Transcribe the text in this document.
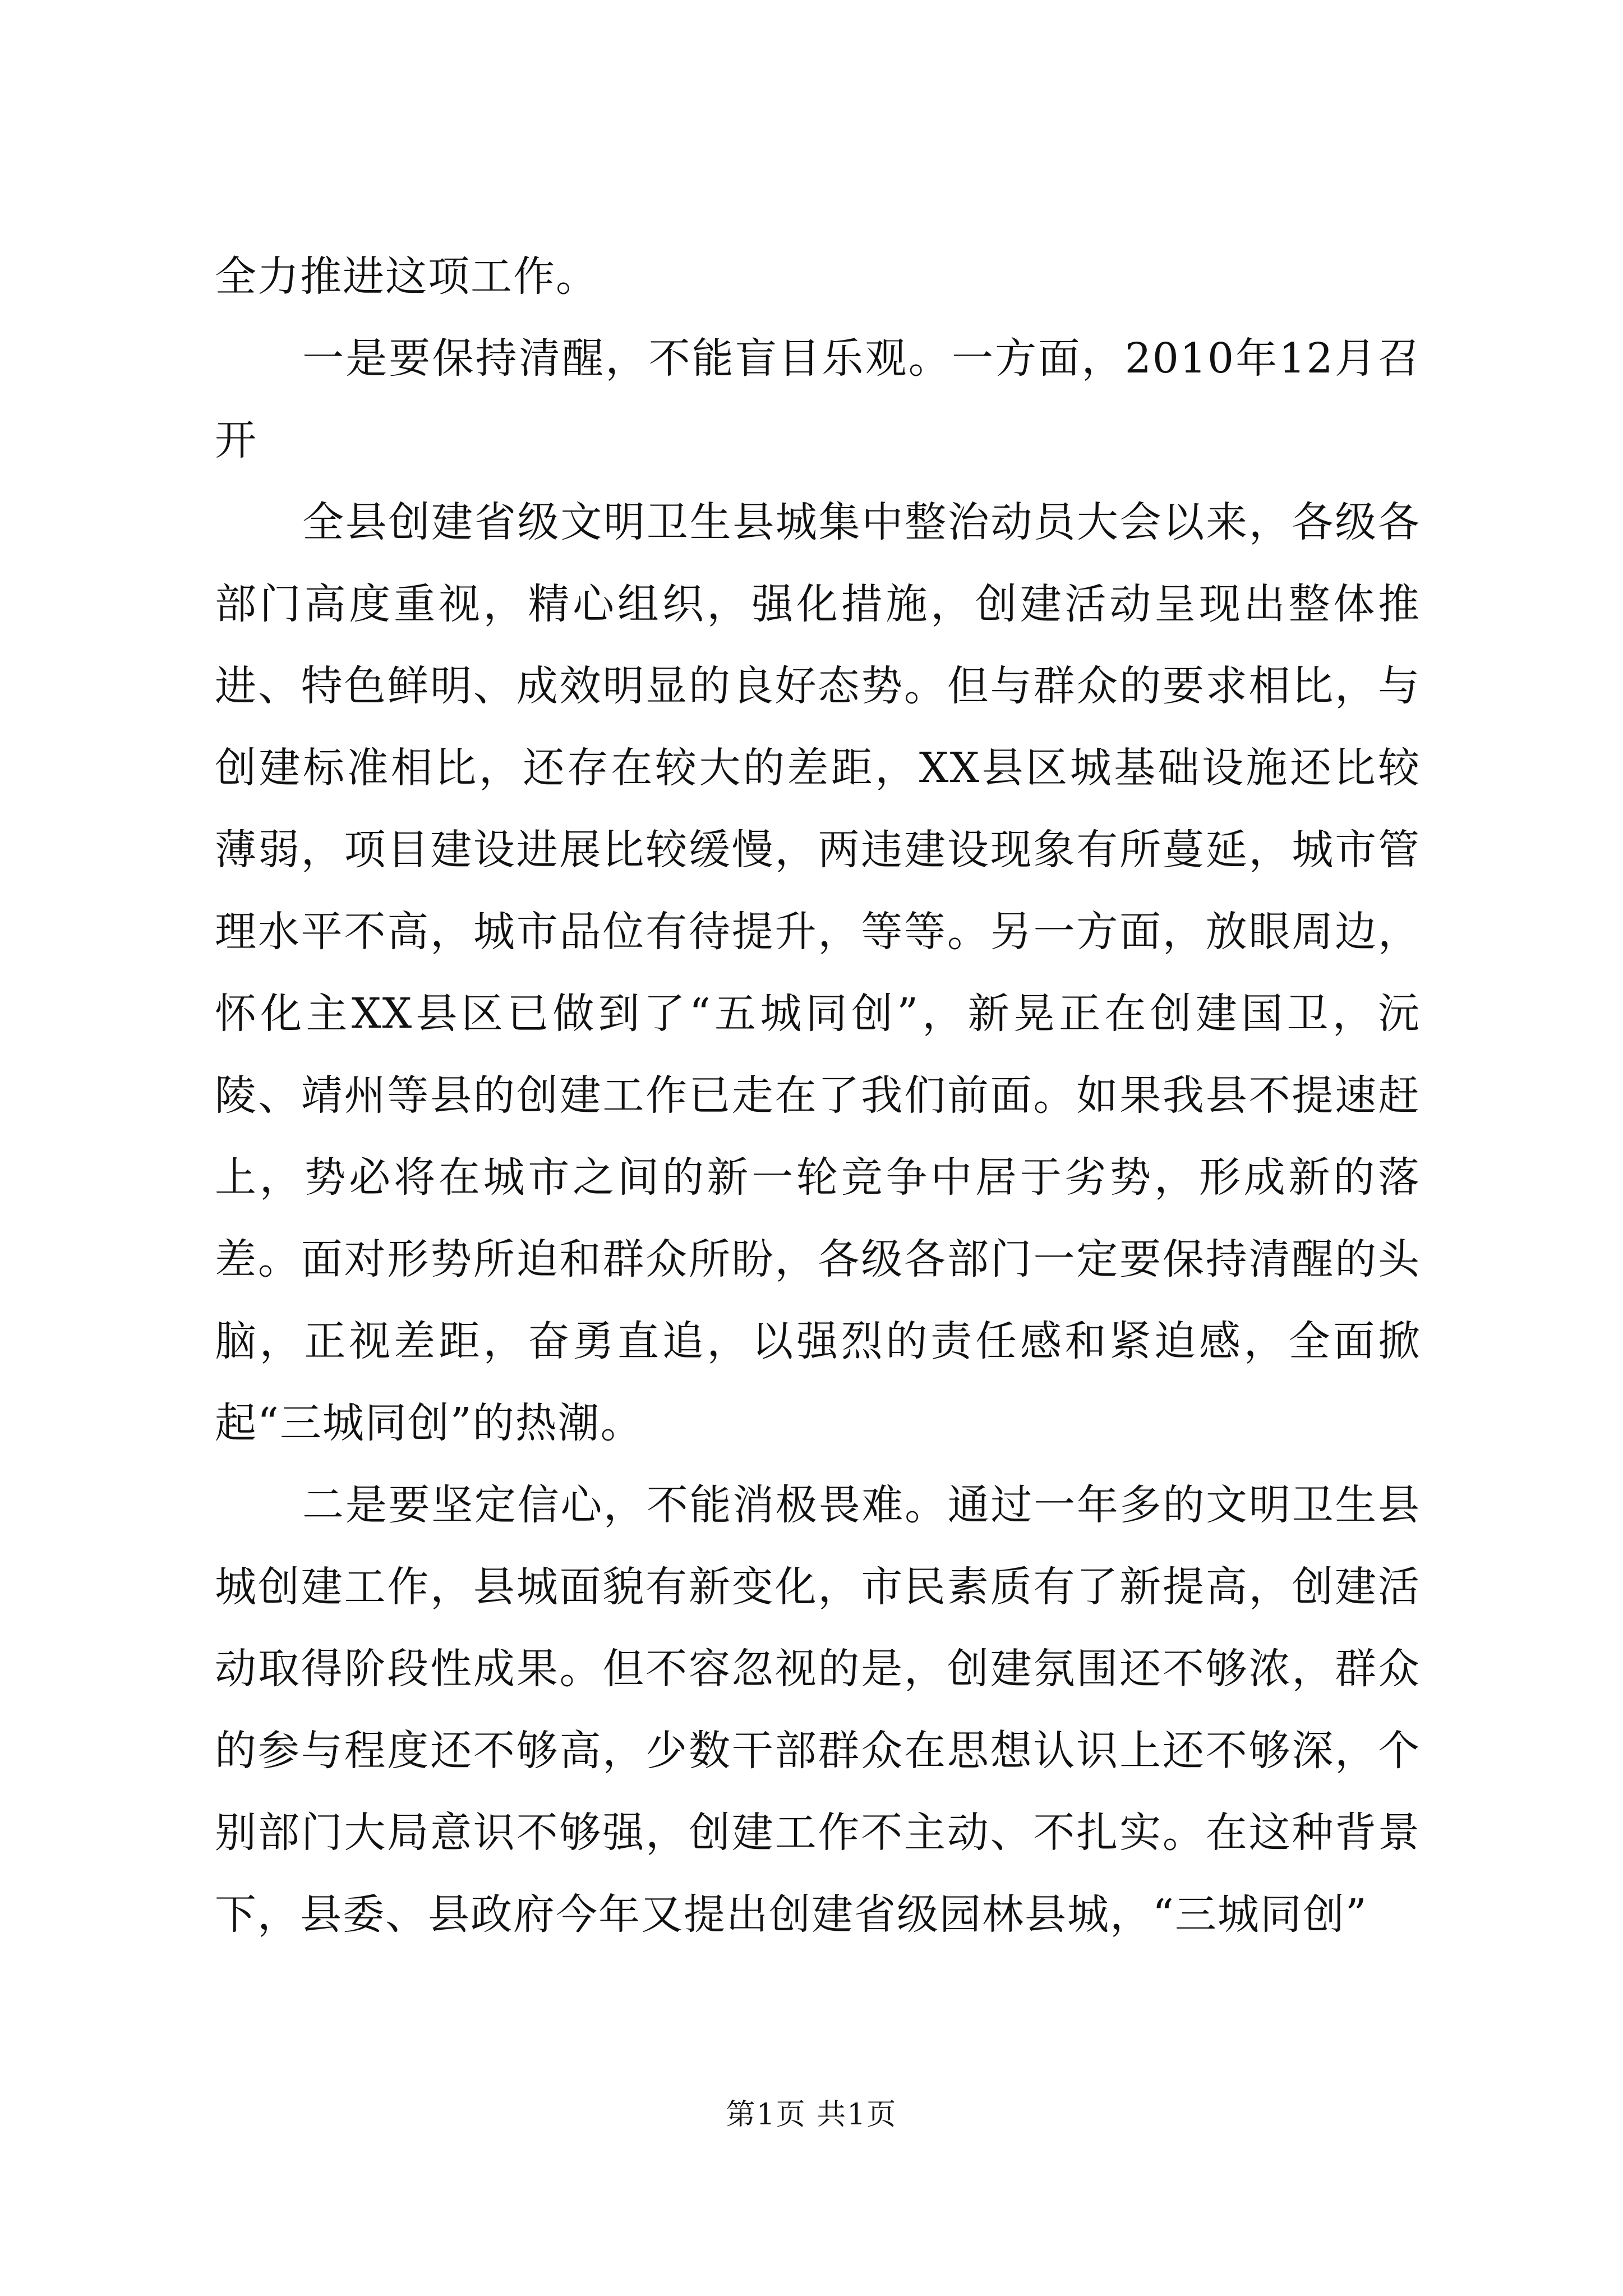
全力推进这项工作。

一是要保持清醒，不能盲目乐观。一方面，2010年12月召开

全县创建省级文明卫生县城集中整治动员大会以来，各级各部门高度重视，精心组织，强化措施，创建活动呈现出整体推进、特色鲜明、成效明显的良好态势。但与群众的要求相比，与创建标准相比，还存在较大的差距，XX县区城基础设施还比较薄弱，项目建设进展比较缓慢，两违建设现象有所蔓延，城市管理水平不高，城市品位有待提升，等等。另一方面，放眼周边，怀化主XX县区已做到了“五城同创”，新晃正在创建国卫，沅陵、靖州等县的创建工作已走在了我们前面。如果我县不提速赶上，势必将在城市之间的新一轮竞争中居于劣势，形成新的落差。面对形势所迫和群众所盼，各级各部门一定要保持清醒的头脑，正视差距，奋勇直追，以强烈的责任感和紧迫感，全面掀起“三城同创”的热潮。

二是要坚定信心，不能消极畏难。通过一年多的文明卫生县城创建工作，县城面貌有新变化，市民素质有了新提高，创建活动取得阶段性成果。但不容忽视的是，创建氛围还不够浓，群众的参与程度还不够高，少数干部群众在思想认识上还不够深，个别部门大局意识不够强，创建工作不主动、不扎实。在这种背景下，县委、县政府今年又提出创建省级园林县城，“三城同创”

第1页 共1页
